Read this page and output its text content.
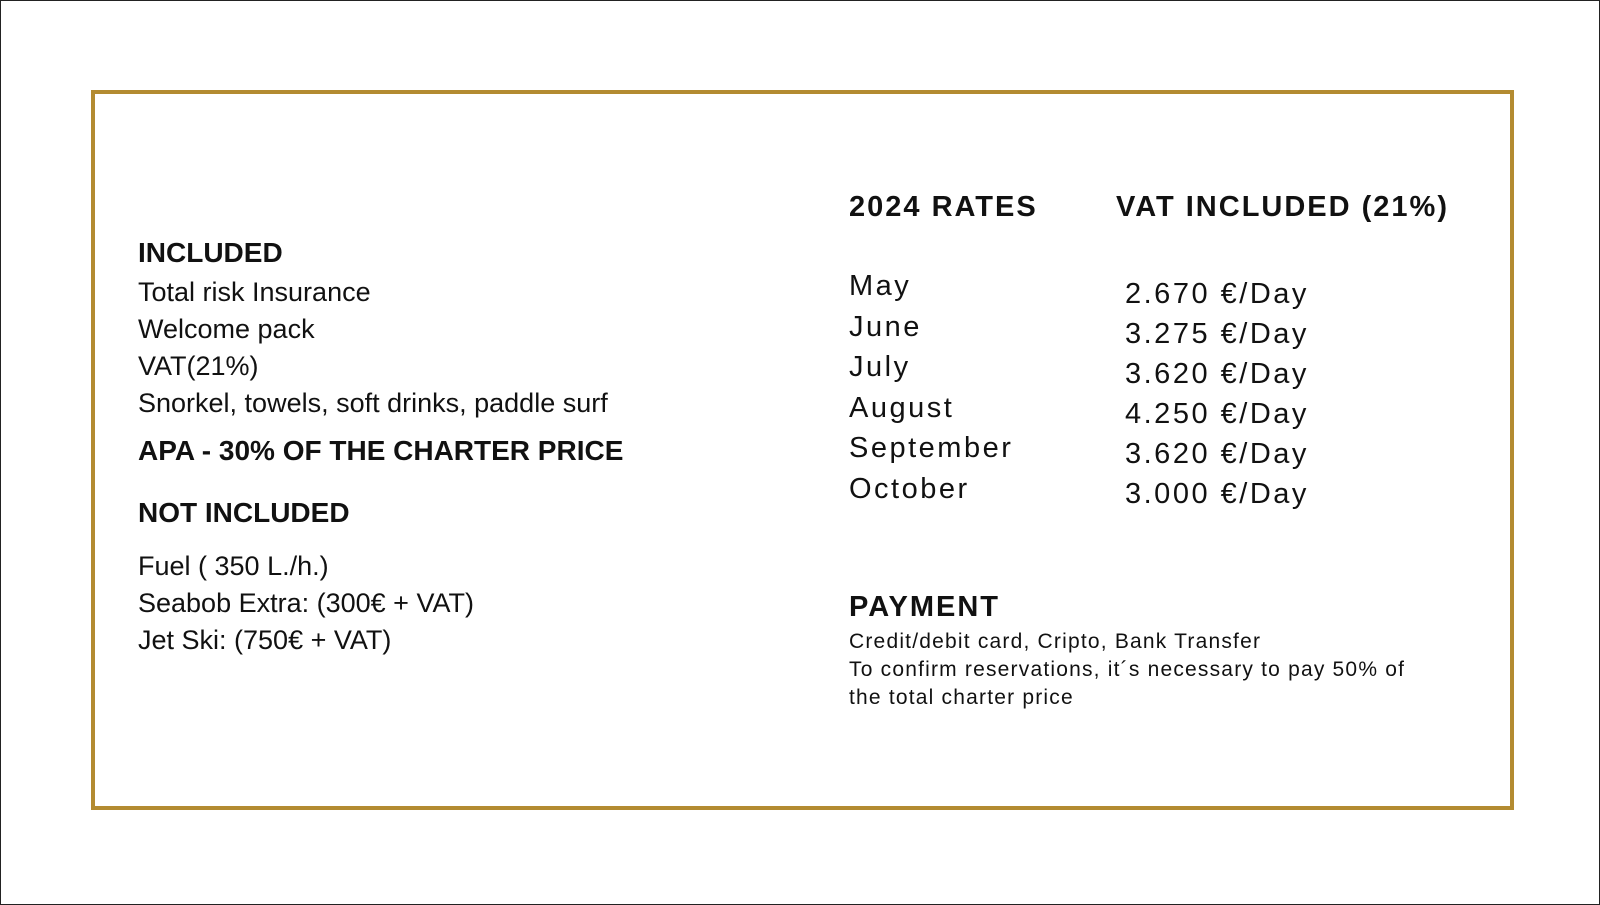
INCLUDED

Total risk Insurance

Welcome pack

VAT(21%)

Snorkel, towels, soft drinks, paddle surf

APA - 30% OF THE CHARTER PRICE

NOT INCLUDED

Fuel ( 350 L./h.)

Seabob Extra: (300€ + VAT)

Jet Ski: (750€ + VAT)

2024 RATES	VAT INCLUDED (21%)
May
June
July
August
September
October
2.670 €/Day
3.275 €/Day
3.620 €/Day
4.250 €/Day
3.620 €/Day
3.000 €/Day
PAYMENT
Credit/debit card, Cripto, Bank Transfer
To confirm reservations, it´s necessary to pay 50% of
the total charter price
